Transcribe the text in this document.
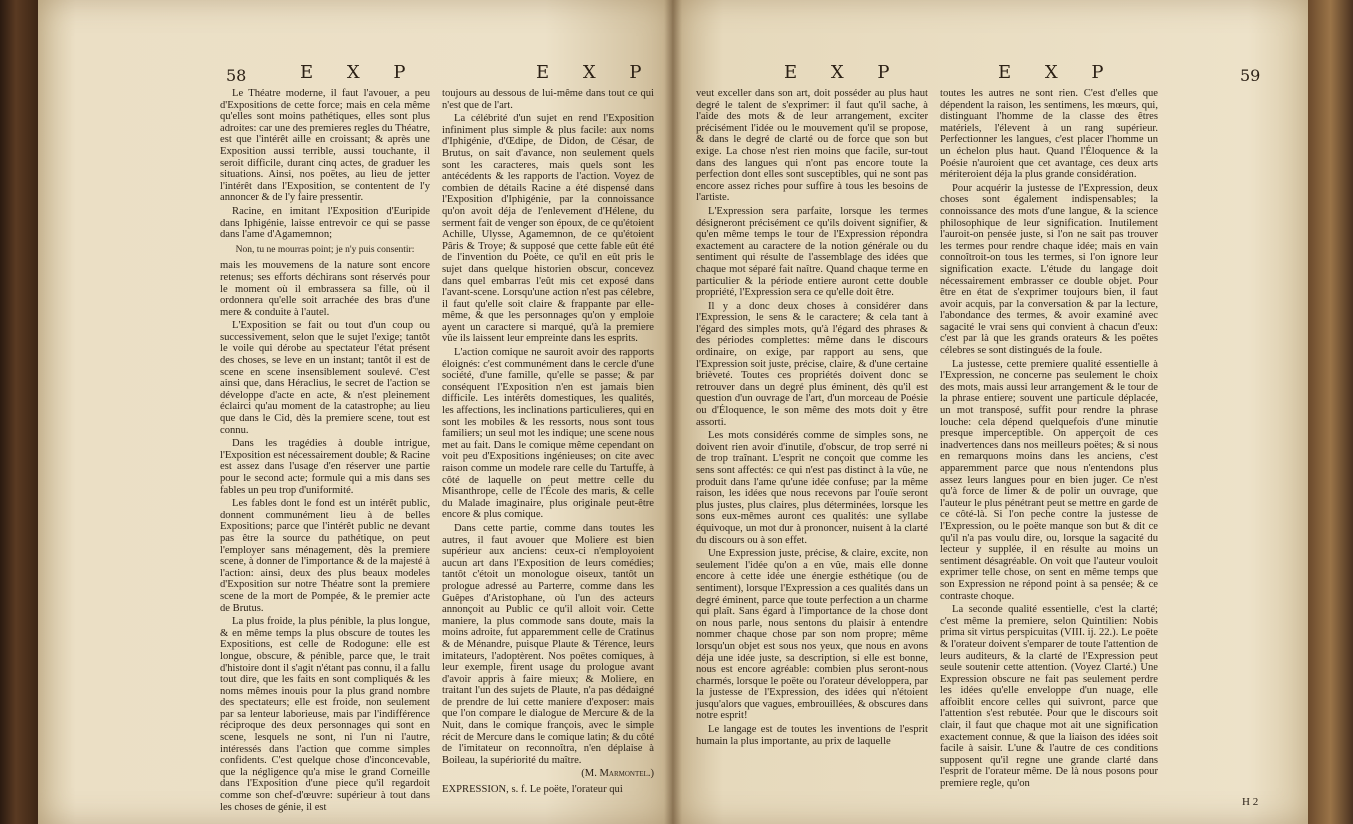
58	E X P	E X P

Le Théatre moderne, il faut l'avouer, a peu d'Expositions de cette force; mais en cela même qu'elles sont moins pathétiques, elles sont plus adroites: car une des premieres regles du Théatre, est que l'intérêt aille en croissant; & après une Exposition aussi terrible, aussi touchante, il seroit difficile, durant cinq actes, de graduer les situations. Ainsi, nos poëtes, au lieu de jetter l'intérêt dans l'Exposition, se contentent de l'y annoncer & de l'y faire pressentir.

Racine, en imitant l'Exposition d'Euripide dans Iphigénie, laisse entrevoir ce qui se passe dans l'ame d'Agamemnon;

Non, tu ne mourras point; je n'y puis consentir:

mais les mouvemens de la nature sont encore retenus; ses efforts déchirans sont réservés pour le moment où il embrassera sa fille, où il ordonnera qu'elle soit arrachée des bras d'une mere & conduite à l'autel.

L'Exposition se fait ou tout d'un coup ou successivement, selon que le sujet l'exige; tantôt le voile qui dérobe au spectateur l'état présent des choses, se leve en un instant; tantôt il est de scene en scene insensiblement soulevé. C'est ainsi que, dans Héraclius, le secret de l'action se développe d'acte en acte, & n'est pleinement éclairci qu'au moment de la catastrophe; au lieu que dans le Cid, dès la premiere scene, tout est connu.

Dans les tragédies à double intrigue, l'Exposition est nécessairement double; & Racine est assez dans l'usage d'en réserver une partie pour le second acte; formule qui a mis dans ses fables un peu trop d'uniformité.

Les fables dont le fond est un intérêt public, donnent communément lieu à de belles Expositions; parce que l'intérêt public ne devant pas être la source du pathétique, on peut l'employer sans ménagement, dès la premiere scene, à donner de l'importance & de la majesté à l'action: ainsi, deux des plus beaux modeles d'Exposition sur notre Théatre sont la premiere scene de la mort de Pompée, & le premier acte de Brutus.

La plus froide, la plus pénible, la plus longue, & en même temps la plus obscure de toutes les Expositions, est celle de Rodogune: elle est longue, obscure, & pénible, parce que, le trait d'histoire dont il s'agit n'étant pas connu, il a fallu tout dire, que les faits en sont compliqués & les noms mêmes inouis pour la plus grand nombre des spectateurs; elle est froide, non seulement par sa lenteur laborieuse, mais par l'indifférence réciproque des deux personnages qui sont en scene, lesquels ne sont, ni l'un ni l'autre, intéressés dans l'action que comme simples confidents. C'est quelque chose d'inconcevable, que la négligence qu'a mise le grand Corneille dans l'Exposition d'une piece qu'il regardoit comme son chef-d'œuvre: supérieur à tout dans les choses de génie, il est

toujours au dessous de lui-même dans tout ce qui n'est que de l'art.

La célébrité d'un sujet en rend l'Exposition infiniment plus simple & plus facile: aux noms d'Iphigénie, d'Œdipe, de Didon, de César, de Brutus, on sait d'avance, non seulement quels sont les caracteres, mais quels sont les antécédents & les rapports de l'action. Voyez de combien de détails Racine a été dispensé dans l'Exposition d'Iphigénie, par la connoissance qu'on avoit déja de l'enlevement d'Hélene, du serment fait de venger son époux, de ce qu'étoient Achille, Ulysse, Agamemnon, de ce qu'étoient Pâris & Troye; & supposé que cette fable eût été de l'invention du Poëte, ce qu'il en eût pris le sujet dans quelque historien obscur, concevez dans quel embarras l'eût mis cet exposé dans l'avant-scene. Lorsqu'une action n'est pas célebre, il faut qu'elle soit claire & frappante par elle-même, & que les personnages qu'on y emploie ayent un caractere si marqué, qu'à la premiere vûe ils laissent leur empreinte dans les esprits.

L'action comique ne sauroit avoir des rapports éloignés: c'est communément dans le cercle d'une société, d'une famille, qu'elle se passe; & par conséquent l'Exposition n'en est jamais bien difficile. Les intérêts domestiques, les qualités, les affections, les inclinations particulieres, qui en sont les mobiles & les ressorts, nous sont tous familiers; un seul mot les indique; une scene nous met au fait. Dans le comique même cependant on voit peu d'Expositions ingénieuses; on cite avec raison comme un modele rare celle du Tartuffe, à côté de laquelle on peut mettre celle du Misanthrope, celle de l'École des maris, & celle du Malade imaginaire, plus originale peut-être encore & plus comique.

Dans cette partie, comme dans toutes les autres, il faut avouer que Moliere est bien supérieur aux anciens: ceux-ci n'employoient aucun art dans l'Exposition de leurs comédies; tantôt c'étoit un monologue oiseux, tantôt un prologue adressé au Parterre, comme dans les Guêpes d'Aristophane, où l'un des acteurs annonçoit au Public ce qu'il alloit voir. Cette maniere, la plus commode sans doute, mais la moins adroite, fut apparemment celle de Cratinus & de Ménandre, puisque Plaute & Térence, leurs imitateurs, l'adoptèrent. Nos poëtes comiques, à leur exemple, firent usage du prologue avant d'avoir appris à faire mieux; & Moliere, en traitant l'un des sujets de Plaute, n'a pas dédaigné de prendre de lui cette maniere d'exposer: mais que l'on compare le dialogue de Mercure & de la Nuit, dans le comique françois, avec le simple récit de Mercure dans le comique latin; & du côté de l'imitateur on reconnoîtra, n'en déplaise à Boileau, la supériorité du maître.

(M. Marmontel.)

EXPRESSION, s. f. Le poëte, l'orateur qui

E X P	E X P	59

veut exceller dans son art, doit posséder au plus haut degré le talent de s'exprimer: il faut qu'il sache, à l'aide des mots & de leur arrangement, exciter précisément l'idée ou le mouvement qu'il se propose, & dans le degré de clarté ou de force que son but exige. La chose n'est rien moins que facile, sur-tout dans des langues qui n'ont pas encore toute la perfection dont elles sont susceptibles, qui ne sont pas encore assez riches pour suffire à tous les besoins de l'artiste.

L'Expression sera parfaite, lorsque les termes désigneront précisément ce qu'ils doivent signifier, & qu'en même temps le tour de l'Expression répondra exactement au caractere de la notion générale ou du sentiment qui résulte de l'assemblage des idées que chaque mot séparé fait naître. Quand chaque terme en particulier & la période entiere auront cette double propriété, l'Expression sera ce qu'elle doit être.

Il y a donc deux choses à considérer dans l'Expression, le sens & le caractere; & cela tant à l'égard des simples mots, qu'à l'égard des phrases & des périodes complettes: même dans le discours ordinaire, on exige, par rapport au sens, que l'Expression soit juste, précise, claire, & d'une certaine brièveté. Toutes ces propriétés doivent donc se retrouver dans un degré plus éminent, dès qu'il est question d'un ouvrage de l'art, d'un morceau de Poésie ou d'Éloquence, le son même des mots doit y être assorti.

Les mots considérés comme de simples sons, ne doivent rien avoir d'inutile, d'obscur, de trop serré ni de trop traînant. L'esprit ne conçoit que comme les sens sont affectés: ce qui n'est pas distinct à la vûe, ne produit dans l'ame qu'une idée confuse; par la même raison, les idées que nous recevons par l'ouïe seront plus justes, plus claires, plus déterminées, lorsque les sons eux-mêmes auront ces qualités: une syllabe équivoque, un mot dur à prononcer, nuisent à la clarté du discours ou à son effet.

Une Expression juste, précise, & claire, excite, non seulement l'idée qu'on a en vûe, mais elle donne encore à cette idée une énergie esthétique (ou de sentiment), lorsque l'Expression a ces qualités dans un degré éminent, parce que toute perfection a un charme qui plaît. Sans égard à l'importance de la chose dont on nous parle, nous sentons du plaisir à entendre nommer chaque chose par son nom propre; même lorsqu'un objet est sous nos yeux, que nous en avons déja une idée juste, sa description, si elle est bonne, nous est encore agréable: combien plus seront-nous charmés, lorsque le poëte ou l'orateur développera, par la justesse de l'Expression, des idées qui n'étoient jusqu'alors que vagues, embrouillées, & obscures dans notre esprit!

Le langage est de toutes les inventions de l'esprit humain la plus importante, au prix de laquelle

toutes les autres ne sont rien. C'est d'elles que dépendent la raison, les sentimens, les mœurs, qui, distinguant l'homme de la classe des êtres matériels, l'élevent à un rang supérieur. Perfectionner les langues, c'est placer l'homme un un échelon plus haut. Quand l'Éloquence & la Poésie n'auroient que cet avantage, ces deux arts mériteroient déja la plus grande considération.

Pour acquérir la justesse de l'Expression, deux choses sont également indispensables; la connoissance des mots d'une langue, & la science philosophique de leur signification. Inutilement l'auroit-on pensée juste, si l'on ne sait pas trouver les termes pour rendre chaque idée; mais en vain connoîtroit-on tous les termes, si l'on ignore leur signification exacte. L'étude du langage doit nécessairement embrasser ce double objet. Pour être en état de s'exprimer toujours bien, il faut avoir acquis, par la conversation & par la lecture, l'abondance des termes, & avoir examiné avec sagacité le vrai sens qui convient à chacun d'eux: c'est par là que les grands orateurs & les poëtes célebres se sont distingués de la foule.

La justesse, cette premiere qualité essentielle à l'Expression, ne concerne pas seulement le choix des mots, mais aussi leur arrangement & le tour de la phrase entiere; souvent une particule déplacée, un mot transposé, suffit pour rendre la phrase louche: cela dépend quelquefois d'une minutie presque imperceptible. On apperçoit de ces inadvertences dans nos meilleurs poëtes; & si nous en remarquons moins dans les anciens, c'est apparemment parce que nous n'entendons plus assez leurs langues pour en bien juger. Ce n'est qu'à force de limer & de polir un ouvrage, que l'auteur le plus pénétrant peut se mettre en garde de ce côté-là. Si l'on peche contre la justesse de l'Expression, ou le poëte manque son but & dit ce qu'il n'a pas voulu dire, ou, lorsque la sagacité du lecteur y supplée, il en résulte au moins un sentiment désagréable. On voit que l'auteur vouloit exprimer telle chose, on sent en même temps que son Expression ne répond point à sa pensée; & ce contraste choque.

La seconde qualité essentielle, c'est la clarté; c'est même la premiere, selon Quintilien: Nobis prima sit virtus perspicuitas (VIII. ij. 22.). Le poëte & l'orateur doivent s'emparer de toute l'attention de leurs auditeurs, & la clarté de l'Expression peut seule soutenir cette attention. (Voyez Clarté.) Une Expression obscure ne fait pas seulement perdre les idées qu'elle enveloppe d'un nuage, elle affoiblit encore celles qui suivront, parce que l'attention s'est rebutée. Pour que le discours soit clair, il faut que chaque mot ait une signification exactement connue, & que la liaison des idées soit facile à saisir. L'une & l'autre de ces conditions supposent qu'il regne une grande clarté dans l'esprit de l'orateur même. De là nous posons pour premiere regle, qu'on

H 2
